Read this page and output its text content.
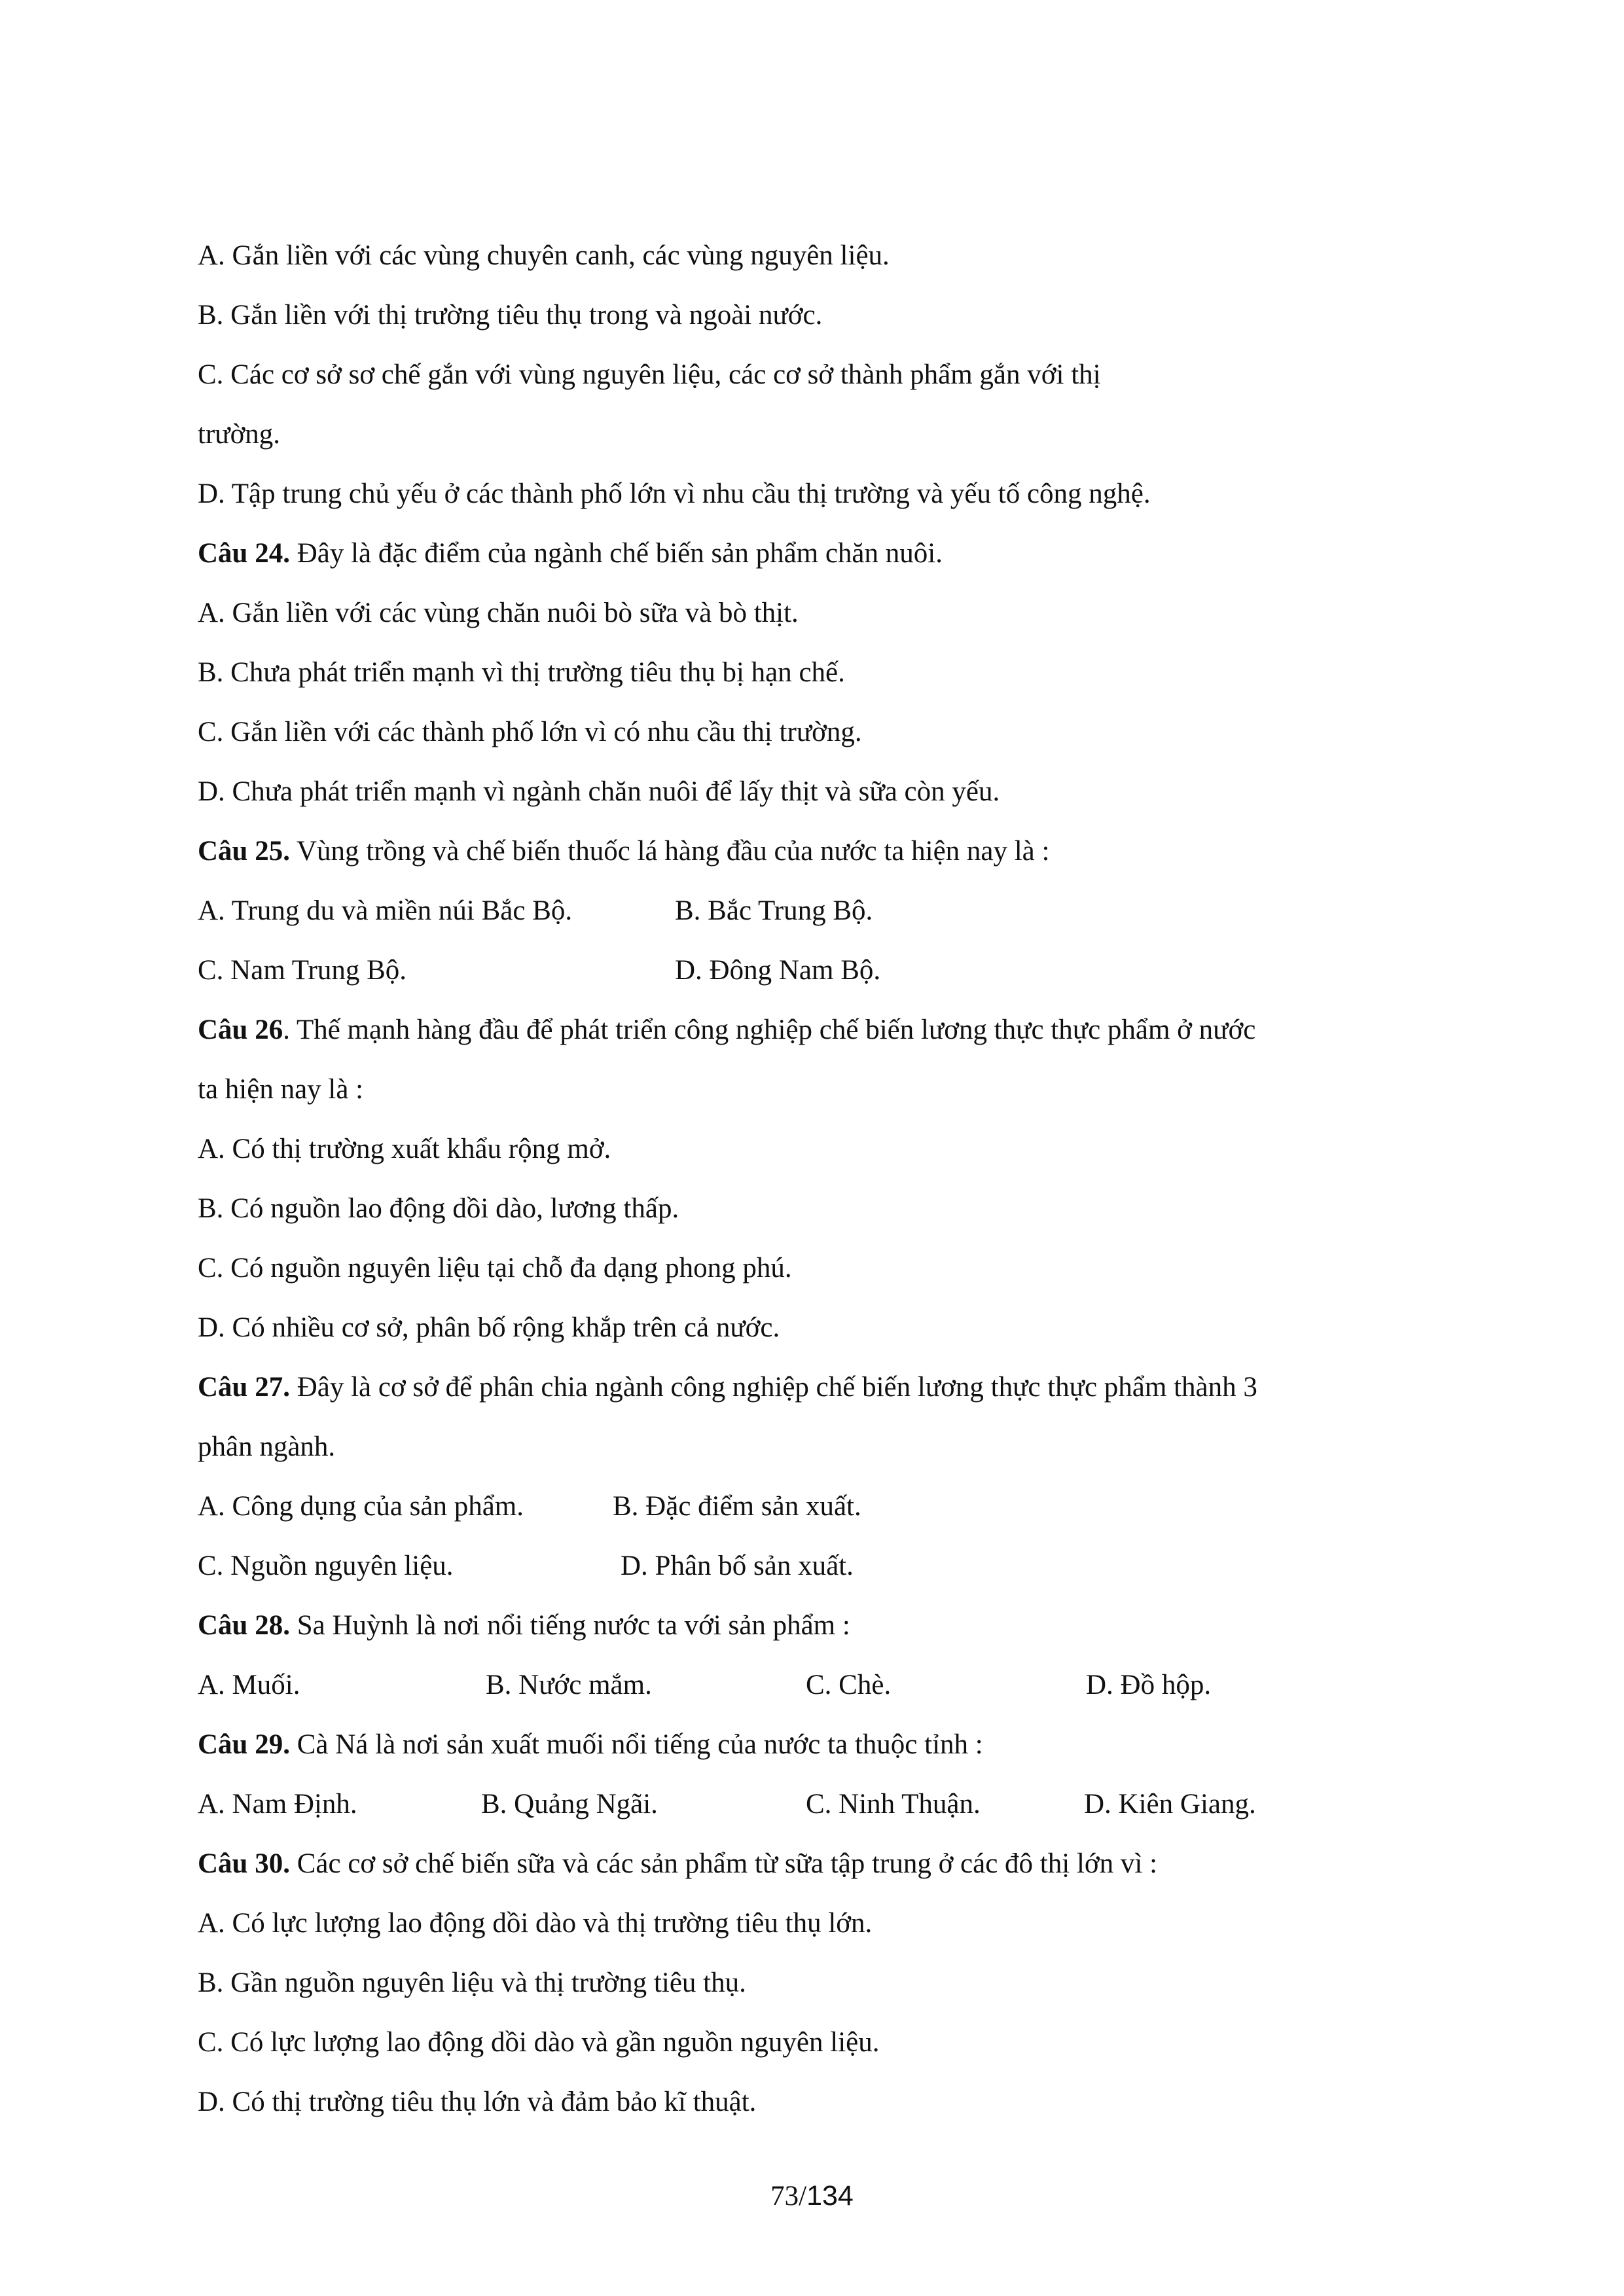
A. Gắn liền với các vùng chuyên canh, các vùng nguyên liệu.
B. Gắn liền với thị trường tiêu thụ trong và ngoài nước.
C. Các cơ sở sơ chế gắn với vùng nguyên liệu, các cơ sở thành phẩm gắn với thị
trường.
D. Tập trung chủ yếu ở các thành phố lớn vì nhu cầu thị trường và yếu tố công nghệ.
Câu 24. Đây là đặc điểm của ngành chế biến sản phẩm chăn nuôi.
A. Gắn liền với các vùng chăn nuôi bò sữa và bò thịt.
B. Chưa phát triển mạnh vì thị trường tiêu thụ bị hạn chế.
C. Gắn liền với các thành phố lớn vì có nhu cầu thị trường.
D. Chưa phát triển mạnh vì ngành chăn nuôi để lấy thịt và sữa còn yếu.
Câu 25. Vùng trồng và chế biến thuốc lá hàng đầu của nước ta hiện nay là :
A. Trung du và miền núi Bắc Bộ.	B. Bắc Trung Bộ.
C. Nam Trung Bộ.	D. Đông Nam Bộ.
Câu 26. Thế mạnh hàng đầu để phát triển công nghiệp chế biến lương thực thực phẩm ở nước
ta hiện nay là :
A. Có thị trường xuất khẩu rộng mở.
B. Có nguồn lao động dồi dào, lương thấp.
C. Có nguồn nguyên liệu tại chỗ đa dạng phong phú.
D. Có nhiều cơ sở, phân bố rộng khắp trên cả nước.
Câu 27. Đây là cơ sở để phân chia ngành công nghiệp chế biến lương thực thực phẩm thành 3
phân ngành.
A. Công dụng của sản phẩm.	B. Đặc điểm sản xuất.
C. Nguồn nguyên liệu.	D. Phân bố sản xuất.
Câu 28. Sa Huỳnh là nơi nổi tiếng nước ta với sản phẩm :
A. Muối.	B. Nước mắm.	C. Chè.	D. Đồ hộp.
Câu 29. Cà Ná là nơi sản xuất muối nổi tiếng của nước ta thuộc tỉnh :
A. Nam Định.	B. Quảng Ngãi.	C. Ninh Thuận.	D. Kiên Giang.
Câu 30. Các cơ sở chế biến sữa và các sản phẩm từ sữa tập trung ở các đô thị lớn vì :
A. Có lực lượng lao động dồi dào và thị trường tiêu thụ lớn.
B. Gần nguồn nguyên liệu và thị trường tiêu thụ.
C. Có lực lượng lao động dồi dào và gần nguồn nguyên liệu.
D. Có thị trường tiêu thụ lớn và đảm bảo kĩ thuật.
73/134
